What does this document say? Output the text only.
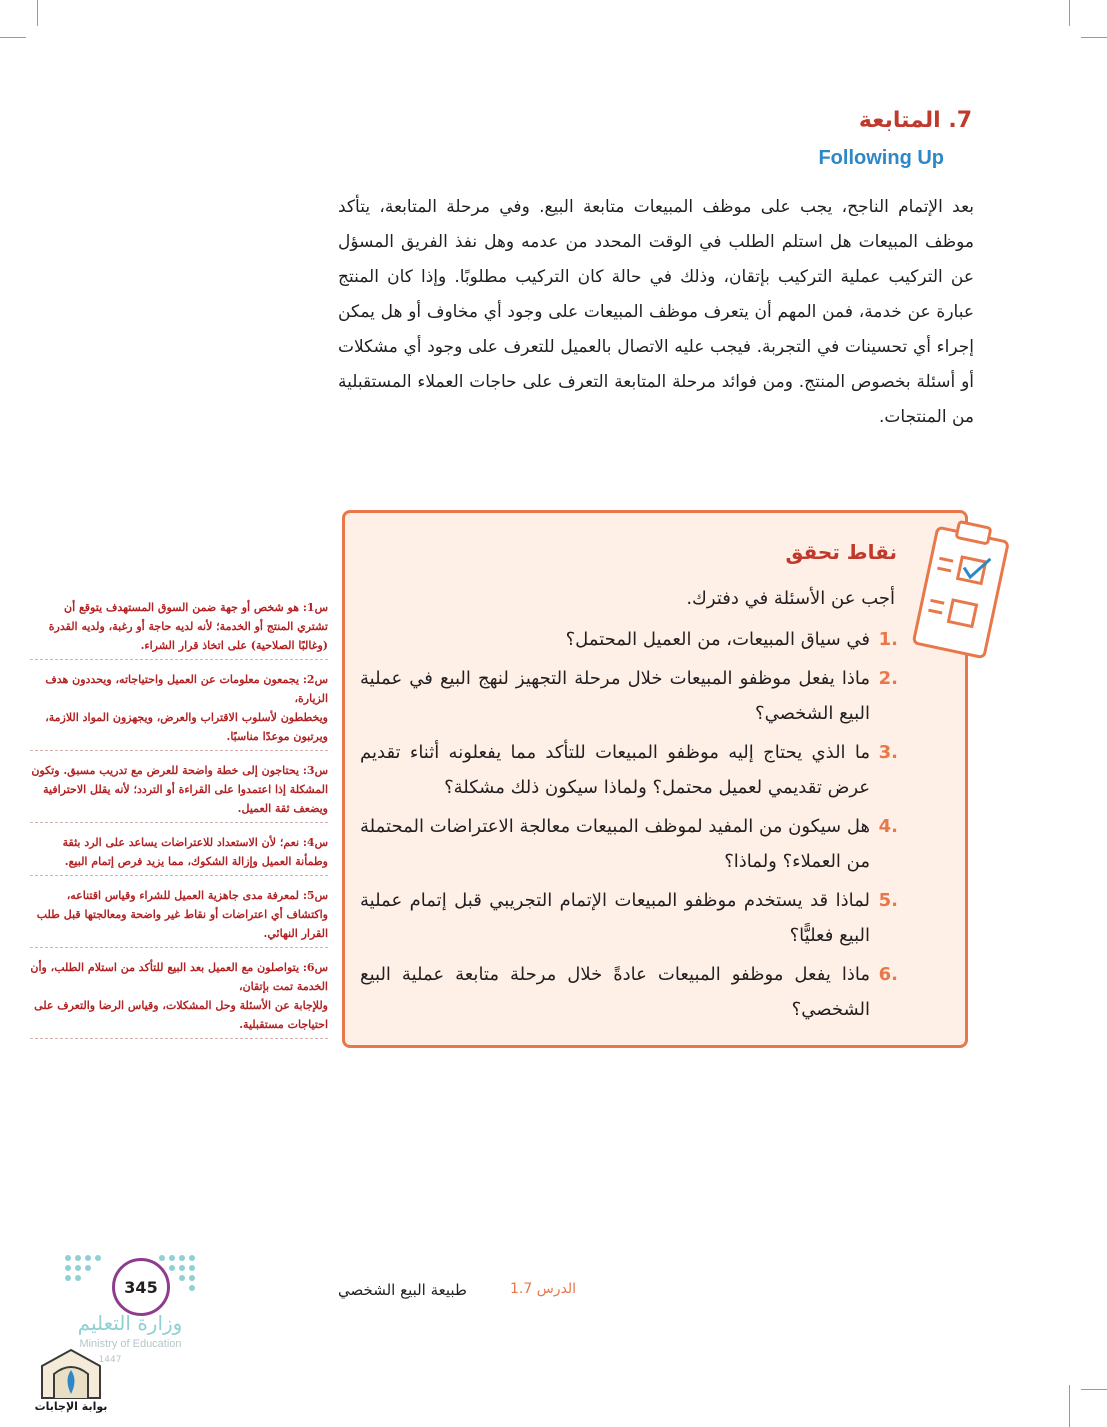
7. المتابعة
Following Up

بعد الإتمام الناجح، يجب على موظف المبيعات متابعة البيع. وفي مرحلة المتابعة، يتأكد موظف المبيعات هل استلم الطلب في الوقت المحدد من عدمه وهل نفذ الفريق المسؤل عن التركيب عملية التركيب بإتقان، وذلك في حالة كان التركيب مطلوبًا. وإذا كان المنتج عبارة عن خدمة، فمن المهم أن يتعرف موظف المبيعات على وجود أي مخاوف أو هل يمكن إجراء أي تحسينات في التجربة. فيجب عليه الاتصال بالعميل للتعرف على وجود أي مشكلات أو أسئلة بخصوص المنتج. ومن فوائد مرحلة المتابعة التعرف على حاجات العملاء المستقبلية من المنتجات.

نقاط تحقق

أجب عن الأسئلة في دفترك.

.1
في سياق المبيعات، من العميل المحتمل؟
.2
ماذا يفعل موظفو المبيعات خلال مرحلة التجهيز لنهج البيع في عملية البيع الشخصي؟
.3
ما الذي يحتاج إليه موظفو المبيعات للتأكد مما يفعلونه أثناء تقديم عرض تقديمي لعميل محتمل؟ ولماذا سيكون ذلك مشكلة؟
.4
هل سيكون من المفيد لموظف المبيعات معالجة الاعتراضات المحتملة من العملاء؟ ولماذا؟
.5
لماذا قد يستخدم موظفو المبيعات الإتمام التجريبي قبل إتمام عملية البيع فعليًّا؟
.6
ماذا يفعل موظفو المبيعات عادةً خلال مرحلة متابعة عملية البيع الشخصي؟

س1: هو شخص أو جهة ضمن السوق المستهدف يتوقع أن تشتري المنتج أو الخدمة؛ لأنه لديه حاجة أو رغبة، ولديه القدرة (وغالبًا الصلاحية) على اتخاذ قرار الشراء.

س2: يجمعون معلومات عن العميل واحتياجاته، ويحددون هدف الزيارة،

ويخططون لأسلوب الاقتراب والعرض، ويجهزون المواد اللازمة، ويرتبون موعدًا مناسبًا.

س3: يحتاجون إلى خطة واضحة للعرض مع تدريب مسبق. وتكون المشكلة إذا اعتمدوا على القراءة أو التردد؛ لأنه يقلل الاحترافية ويضعف ثقة العميل.

س4: نعم؛ لأن الاستعداد للاعتراضات يساعد على الرد بثقة وطمأنة العميل وإزالة الشكوك، مما يزيد فرص إتمام البيع.

س5: لمعرفة مدى جاهزية العميل للشراء وقياس اقتناعه، واكتشاف أي اعتراضات أو نقاط غير واضحة ومعالجتها قبل طلب القرار النهائي.

س6: يتواصلون مع العميل بعد البيع للتأكد من استلام الطلب، وأن الخدمة تمت بإتقان،

وللإجابة عن الأسئلة وحل المشكلات، وقياس الرضا والتعرف على احتياجات مستقبلية.

345
وزارة التعليم
Ministry of Education
1447
الدرس 1.7
طبيعة البيع الشخصي
بوابة الإجابات
